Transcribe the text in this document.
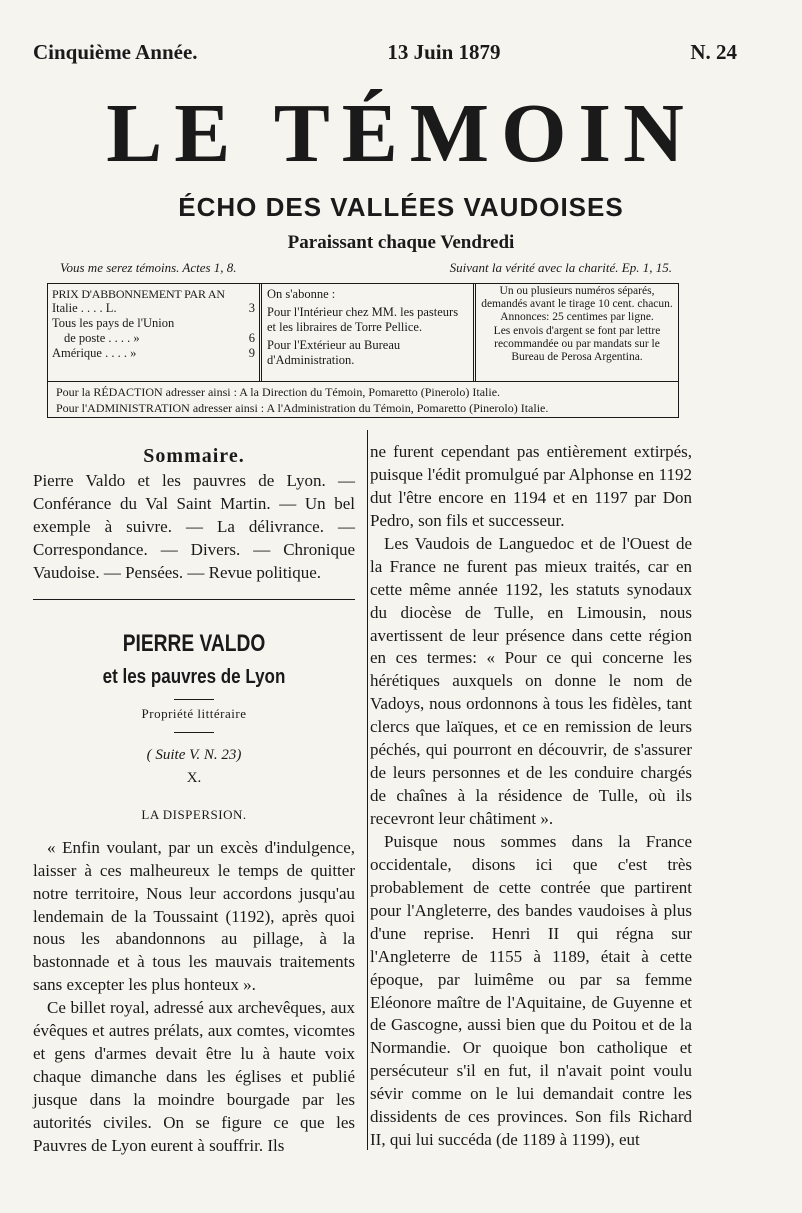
Cinquième Année.	13 Juin 1879	N. 24
LE TÉMOIN
ÉCHO DES VALLÉES VAUDOISES
Paraissant chaque Vendredi
Vous me serez témoins. Actes 1, 8.	Suivant la vérité avec la charité. Ep. 1, 15.
PRIX D'ABBONNEMENT PAR AN
Italie . . . . L.	3
Tous les pays de l'Union
de poste . . . . »	6
Amérique . . . . »	9
On s'abonne :
Pour l'Intérieur chez MM. les pasteurs et les libraires de Torre Pellice.
Pour l'Extérieur au Bureau d'Administration.
Un ou plusieurs numéros séparés, demandés avant le tirage 10 cent. chacun.
Annonces: 25 centimes par ligne.
Les envois d'argent se font par lettre recommandée ou par mandats sur le Bureau de Perosa Argentina.
Pour la RÉDACTION adresser ainsi : A la Direction du Témoin, Pomaretto (Pinerolo) Italie.
Pour l'ADMINISTRATION adresser ainsi : A l'Administration du Témoin, Pomaretto (Pinerolo) Italie.
Sommaire.
Pierre Valdo et les pauvres de Lyon. — Conférance du Val Saint Martin. — Un bel exemple à suivre. — La délivrance. — Correspondance. — Divers. — Chronique Vaudoise. — Pensées. — Revue politique.
PIERRE VALDO
et les pauvres de Lyon
Propriété littéraire
( Suite V. N. 23)
X.
LA DISPERSION.

« Enfin voulant, par un excès d'indulgence, laisser à ces malheureux le temps de quitter notre territoire, Nous leur accordons jusqu'au lendemain de la Toussaint (1192), après quoi nous les abandonnons au pillage, à la bastonnade et à tous les mauvais traitements sans excepter les plus honteux ».

Ce billet royal, adressé aux archevêques, aux évêques et autres prélats, aux comtes, vicomtes et gens d'armes devait être lu à haute voix chaque dimanche dans les églises et publié jusque dans la moindre bourgade par les autorités civiles. On se figure ce que les Pauvres de Lyon eurent à souffrir. Ils

ne furent cependant pas entièrement extirpés, puisque l'édit promulgué par Alphonse en 1192 dut l'être encore en 1194 et en 1197 par Don Pedro, son fils et successeur.

Les Vaudois de Languedoc et de l'Ouest de la France ne furent pas mieux traités, car en cette même année 1192, les statuts synodaux du diocèse de Tulle, en Limousin, nous avertissent de leur présence dans cette région en ces termes: « Pour ce qui concerne les hérétiques auxquels on donne le nom de Vadoys, nous ordonnons à tous les fidèles, tant clercs que laïques, et ce en remission de leurs péchés, qui pourront en découvrir, de s'assurer de leurs personnes et de les conduire chargés de chaînes à la résidence de Tulle, où ils recevront leur châtiment ».

Puisque nous sommes dans la France occidentale, disons ici que c'est très probablement de cette contrée que partirent pour l'Angleterre, des bandes vaudoises à plus d'une reprise. Henri II qui régna sur l'Angleterre de 1155 à 1189, était à cette époque, par luimême ou par sa femme Eléonore maître de l'Aquitaine, de Guyenne et de Gascogne, aussi bien que du Poitou et de la Normandie. Or quoique bon catholique et persécuteur s'il en fut, il n'avait point voulu sévir comme on le lui demandait contre les dissidents de ces provinces. Son fils Richard II, qui lui succéda (de 1189 à 1199), eut
